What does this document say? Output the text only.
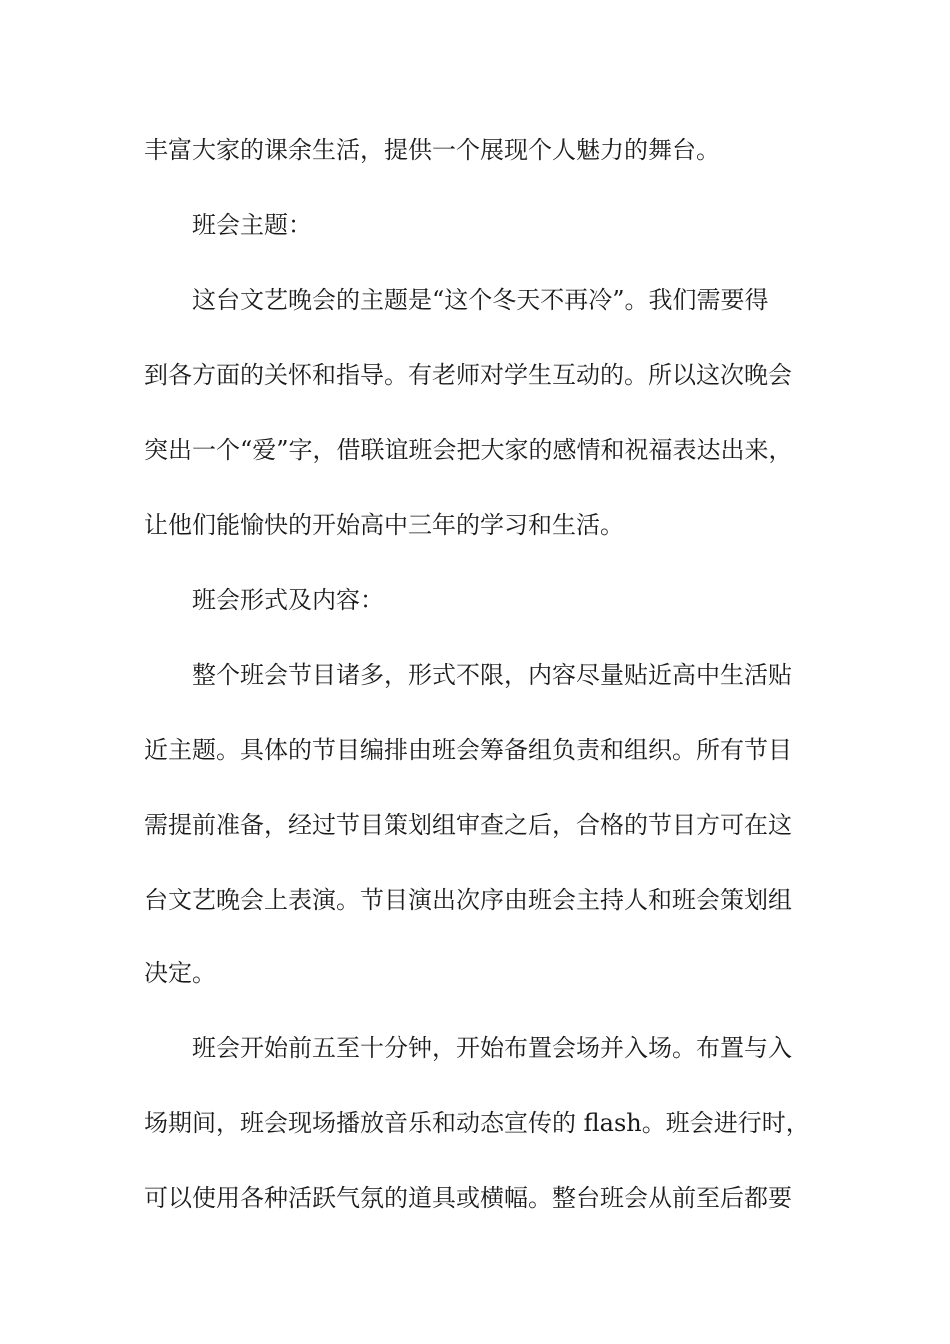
丰富大家的课余生活，提供一个展现个人魅力的舞台。
班会主题：
这台文艺晚会的主题是“这个冬天不再冷”。我们需要得
到各方面的关怀和指导。有老师对学生互动的。所以这次晚会
突出一个“爱”字，借联谊班会把大家的感情和祝福表达出来，
让他们能愉快的开始高中三年的学习和生活。
班会形式及内容：
整个班会节目诸多，形式不限，内容尽量贴近高中生活贴
近主题。具体的节目编排由班会筹备组负责和组织。所有节目
需提前准备，经过节目策划组审查之后，合格的节目方可在这
台文艺晚会上表演。节目演出次序由班会主持人和班会策划组
决定。
班会开始前五至十分钟，开始布置会场并入场。布置与入
场期间，班会现场播放音乐和动态宣传的 flash。班会进行时，
可以使用各种活跃气氛的道具或横幅。整台班会从前至后都要
